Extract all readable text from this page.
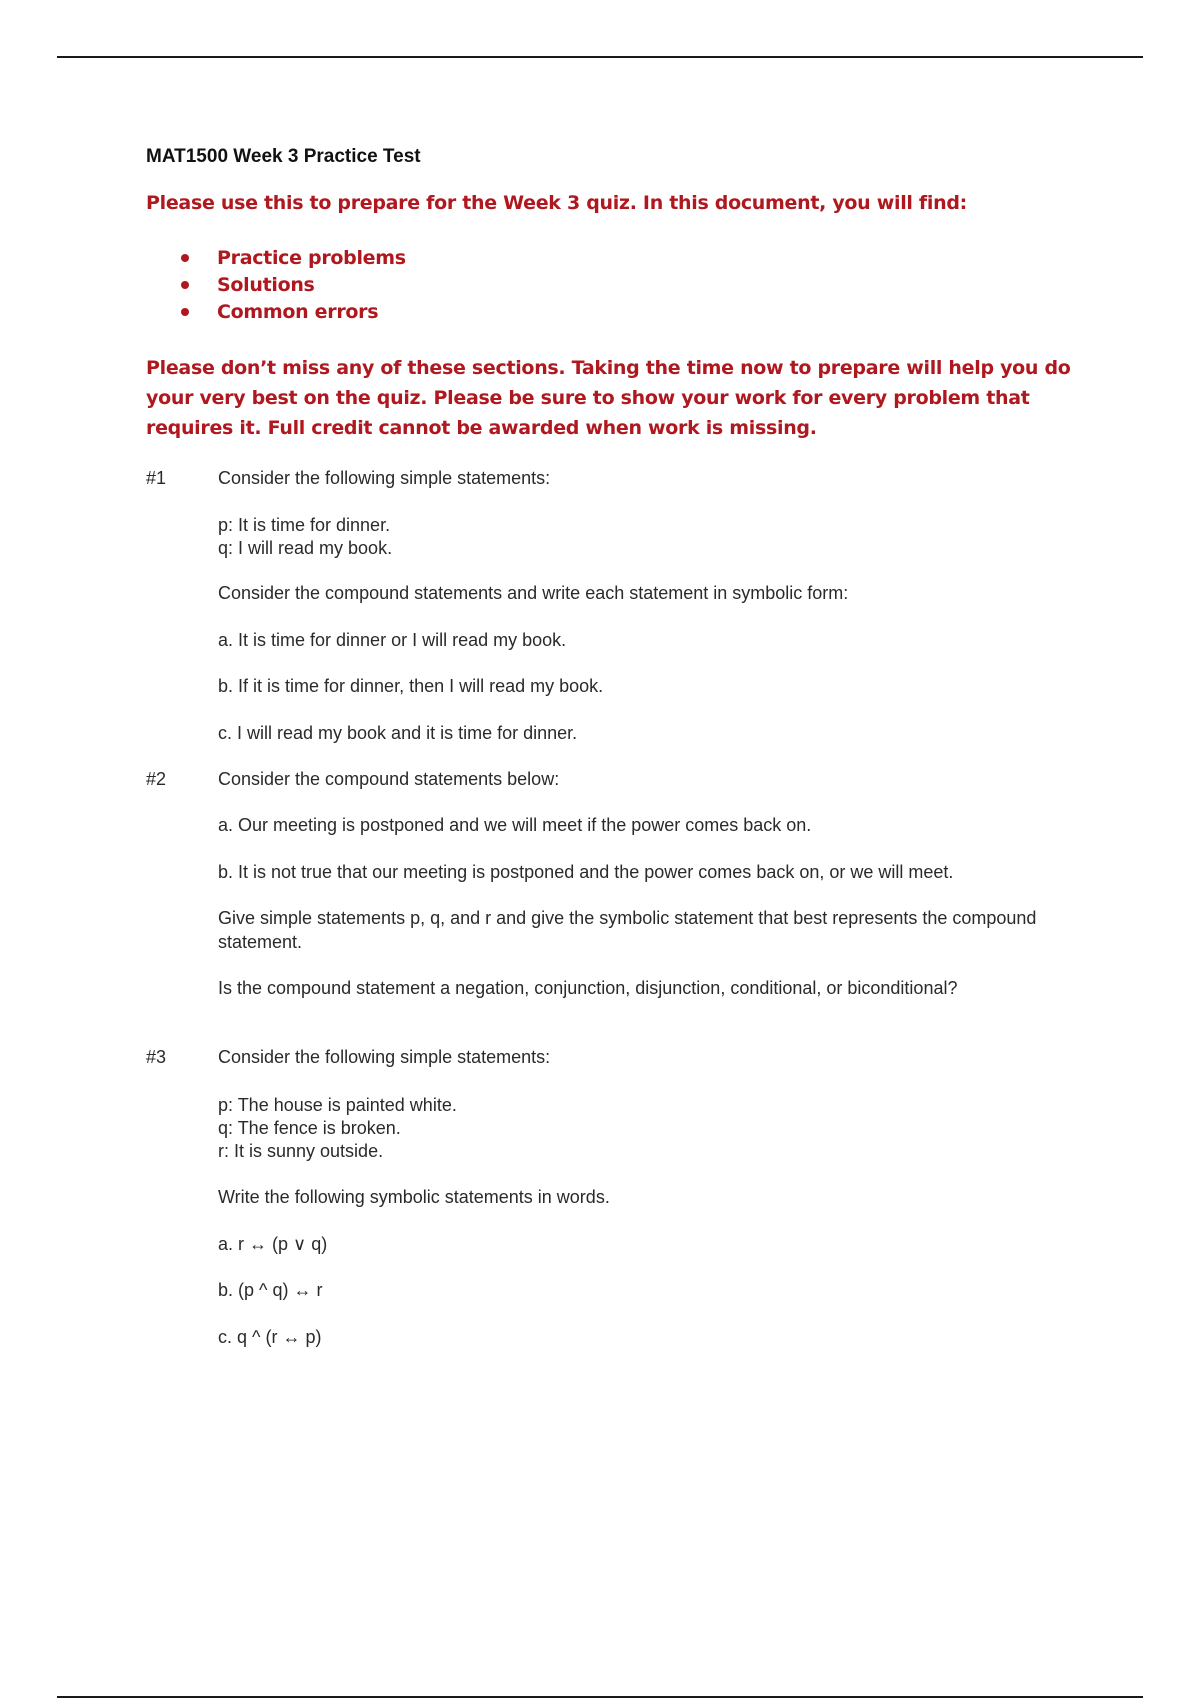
MAT1500 Week 3 Practice Test
Please use this to prepare for the Week 3 quiz. In this document, you will find:
Practice problems
Solutions
Common errors
Please don’t miss any of these sections. Taking the time now to prepare will help you do your very best on the quiz. Please be sure to show your work for every problem that requires it. Full credit cannot be awarded when work is missing.
#1	Consider the following simple statements:
p: It is time for dinner.
q: I will read my book.
Consider the compound statements and write each statement in symbolic form:
a. It is time for dinner or I will read my book.
b. If it is time for dinner, then I will read my book.
c. I will read my book and it is time for dinner.
#2	Consider the compound statements below:
a. Our meeting is postponed and we will meet if the power comes back on.
b. It is not true that our meeting is postponed and the power comes back on, or we will meet.
Give simple statements p, q, and r and give the symbolic statement that best represents the compound statement.
Is the compound statement a negation, conjunction, disjunction, conditional, or biconditional?
#3	Consider the following simple statements:
p: The house is painted white.
q: The fence is broken.
r: It is sunny outside.
Write the following symbolic statements in words.
a. r ↔ (p ∨ q)
b. (p ^ q) ↔ r
c. q ^ (r ↔ p)
